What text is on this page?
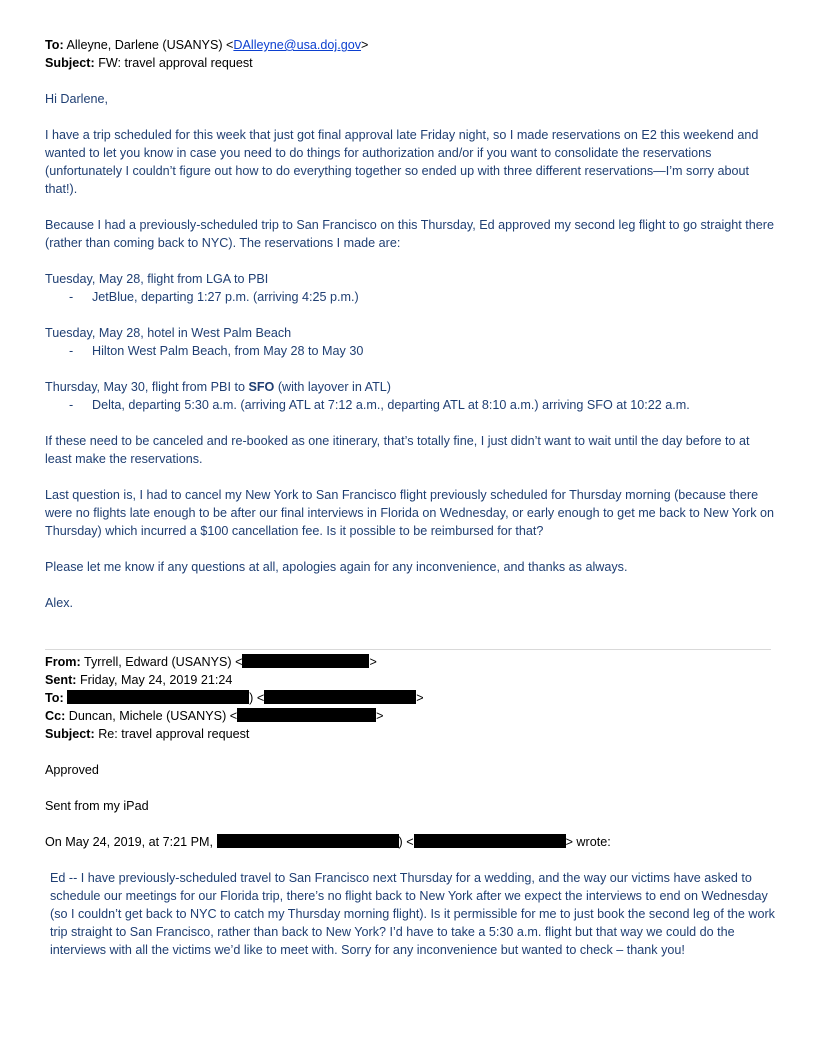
To: Alleyne, Darlene (USANYS) <DAlleyne@usa.doj.gov>
Subject: FW: travel approval request

Hi Darlene,

I have a trip scheduled for this week that just got final approval late Friday night, so I made reservations on E2 this weekend and wanted to let you know in case you need to do things for authorization and/or if you want to consolidate the reservations (unfortunately I couldn’t figure out how to do everything together so ended up with three different reservations—I’m sorry about that!).

Because I had a previously-scheduled trip to San Francisco on this Thursday, Ed approved my second leg flight to go straight there (rather than coming back to NYC). The reservations I made are:

Tuesday, May 28, flight from LGA to PBI

- JetBlue, departing 1:27 p.m. (arriving 4:25 p.m.)

Tuesday, May 28, hotel in West Palm Beach

- Hilton West Palm Beach, from May 28 to May 30

Thursday, May 30, flight from PBI to SFO (with layover in ATL)

- Delta, departing 5:30 a.m. (arriving ATL at 7:12 a.m., departing ATL at 8:10 a.m.) arriving SFO at 10:22 a.m.

If these need to be canceled and re-booked as one itinerary, that’s totally fine, I just didn’t want to wait until the day before to at least make the reservations.

Last question is, I had to cancel my New York to San Francisco flight previously scheduled for Thursday morning (because there were no flights late enough to be after our final interviews in Florida on Wednesday, or early enough to get me back to New York on Thursday) which incurred a $100 cancellation fee. Is it possible to be reimbursed for that?

Please let me know if any questions at all, apologies again for any inconvenience, and thanks as always.

Alex.

From: Tyrrell, Edward (USANYS) <	>
Sent: Friday, May 24, 2019 21:24
To:	) <	>
Cc: Duncan, Michele (USANYS) <	>
Subject: Re: travel approval request

Approved

Sent from my iPad

On May 24, 2019, at 7:21 PM,	) <	> wrote:

Ed -- I have previously-scheduled travel to San Francisco next Thursday for a wedding, and the way our victims have asked to schedule our meetings for our Florida trip, there’s no flight back to New York after we expect the interviews to end on Wednesday (so I couldn’t get back to NYC to catch my Thursday morning flight). Is it permissible for me to just book the second leg of the work trip straight to San Francisco, rather than back to New York? I’d have to take a 5:30 a.m. flight but that way we could do the interviews with all the victims we’d like to meet with. Sorry for any inconvenience but wanted to check – thank you!
